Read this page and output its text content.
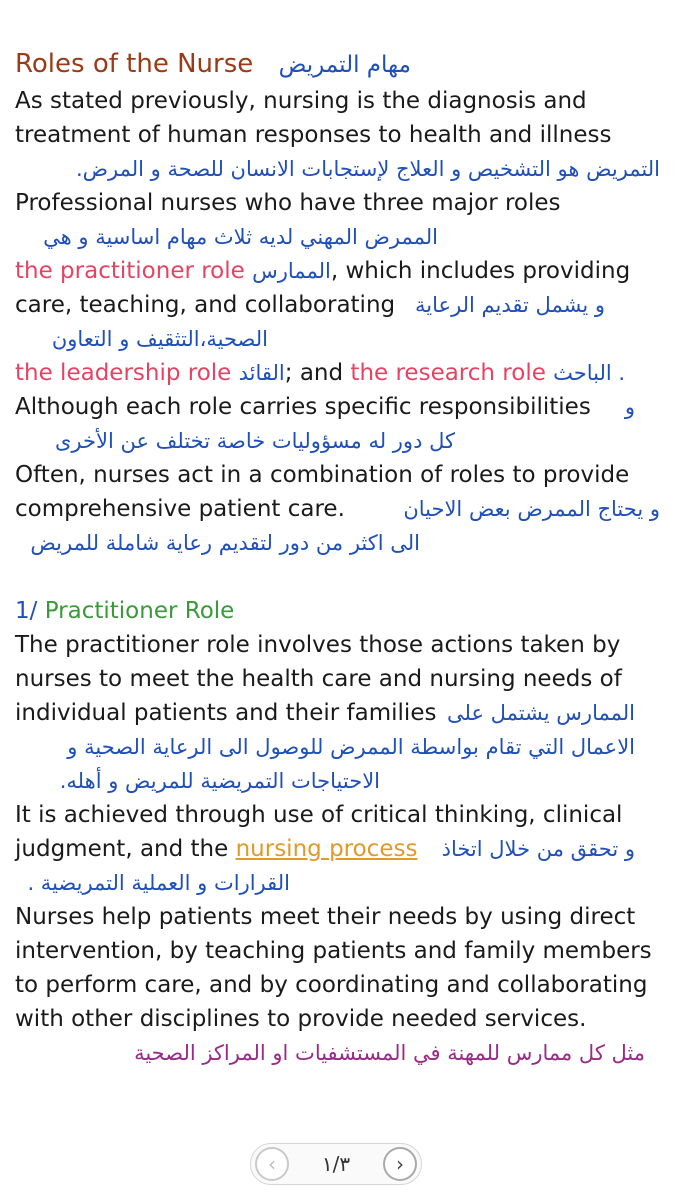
Roles of the Nurse مهام التمريض
As stated previously, nursing is the diagnosis and
treatment of human responses to health and illness
التمريض هو التشخيص و العلاج لإستجابات الانسان للصحة و المرض.
Professional nurses who have three major roles
الممرض المهني لديه ثلاث مهام اساسية و هي
the practitioner role الممارس, which includes providing
care, teaching, and collaborating و يشمل تقديم الرعاية
الصحية،التثقيف و التعاون
the leadership role القائد; and the research role الباحث .
Although each role carries specific responsibilities و
كل دور له مسؤوليات خاصة تختلف عن الأخرى
Often, nurses act in a combination of roles to provide
comprehensive patient care.	و يحتاج الممرض بعض الاحيان
الى اكثر من دور لتقديم رعاية شاملة للمريض
1/ Practitioner Role
The practitioner role involves those actions taken by
nurses to meet the health care and nursing needs of
individual patients and their families الممارس يشتمل على
الاعمال التي تقام بواسطة الممرض للوصول الى الرعاية الصحية و
الاحتياجات التمريضية للمريض و أهله.
It is achieved through use of critical thinking, clinical
judgment, and the nursing process و تحقق من خلال اتخاذ
القرارات و العملية التمريضية .
Nurses help patients meet their needs by using direct
intervention, by teaching patients and family members
to perform care, and by coordinating and collaborating
with other disciplines to provide needed services.
مثل كل ممارس للمهنة في المستشفيات او المراكز الصحية
‹ ١/٣ ›
